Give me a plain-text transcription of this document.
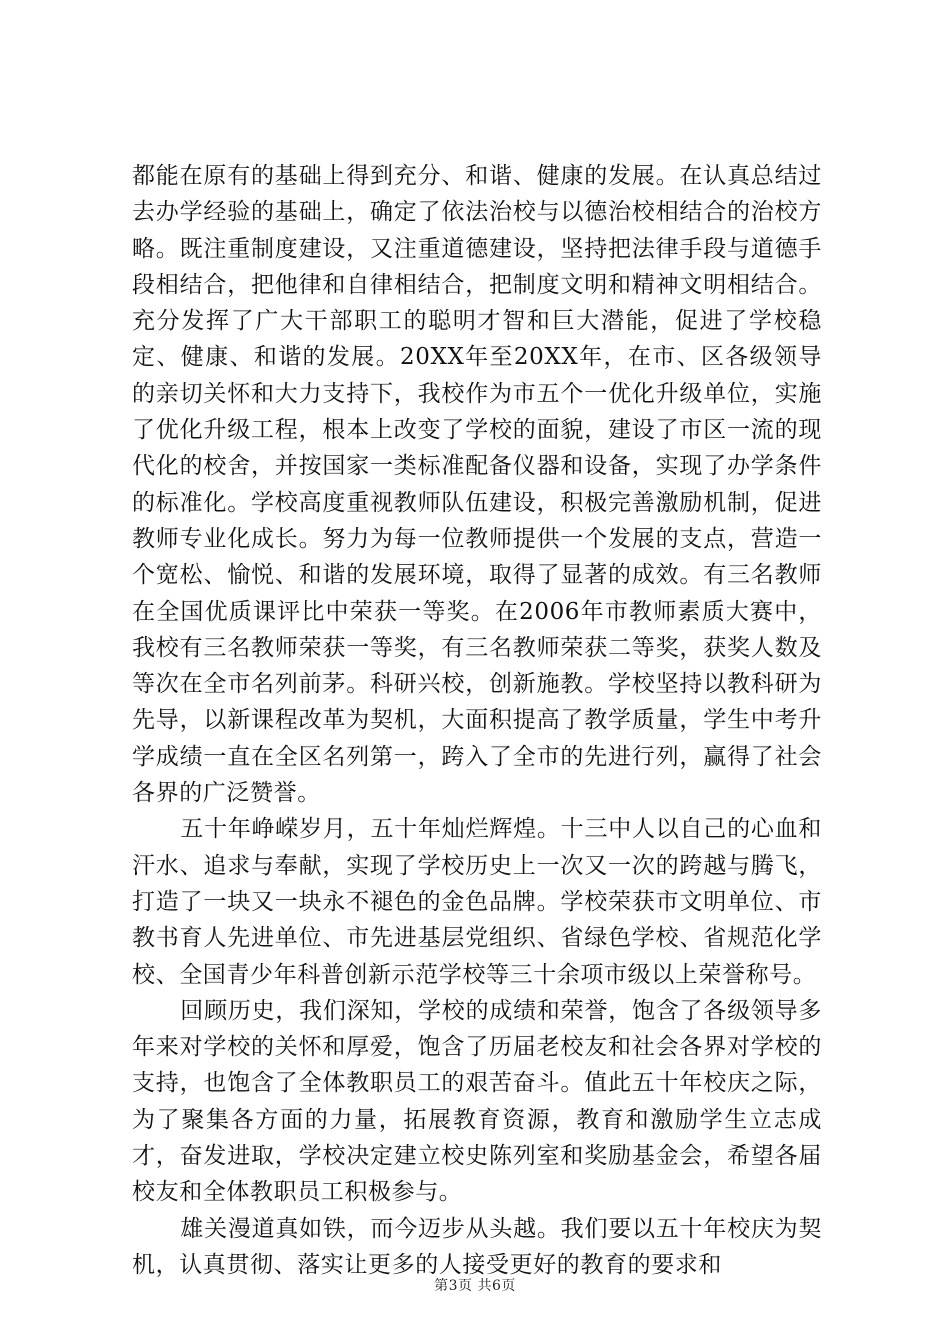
都能在原有的基础上得到充分、和谐、健康的发展。在认真总结过去办学经验的基础上，确定了依法治校与以德治校相结合的治校方略。既注重制度建设，又注重道德建设，坚持把法律手段与道德手段相结合，把他律和自律相结合，把制度文明和精神文明相结合。充分发挥了广大干部职工的聪明才智和巨大潜能，促进了学校稳定、健康、和谐的发展。20XX年至20XX年，在市、区各级领导的亲切关怀和大力支持下，我校作为市五个一优化升级单位，实施了优化升级工程，根本上改变了学校的面貌，建设了市区一流的现代化的校舍，并按国家一类标准配备仪器和设备，实现了办学条件的标准化。学校高度重视教师队伍建设，积极完善激励机制，促进教师专业化成长。努力为每一位教师提供一个发展的支点，营造一个宽松、愉悦、和谐的发展环境，取得了显著的成效。有三名教师在全国优质课评比中荣获一等奖。在2006年市教师素质大赛中，我校有三名教师荣获一等奖，有三名教师荣获二等奖，获奖人数及等次在全市名列前茅。科研兴校，创新施教。学校坚持以教科研为先导，以新课程改革为契机，大面积提高了教学质量，学生中考升学成绩一直在全区名列第一，跨入了全市的先进行列，赢得了社会各界的广泛赞誉。

五十年峥嵘岁月，五十年灿烂辉煌。十三中人以自己的心血和汗水、追求与奉献，实现了学校历史上一次又一次的跨越与腾飞，打造了一块又一块永不褪色的金色品牌。学校荣获市文明单位、市教书育人先进单位、市先进基层党组织、省绿色学校、省规范化学校、全国青少年科普创新示范学校等三十余项市级以上荣誉称号。

回顾历史，我们深知，学校的成绩和荣誉，饱含了各级领导多年来对学校的关怀和厚爱，饱含了历届老校友和社会各界对学校的支持，也饱含了全体教职员工的艰苦奋斗。值此五十年校庆之际，为了聚集各方面的力量，拓展教育资源，教育和激励学生立志成才，奋发进取，学校决定建立校史陈列室和奖励基金会，希望各届校友和全体教职员工积极参与。

雄关漫道真如铁，而今迈步从头越。我们要以五十年校庆为契机，认真贯彻、落实让更多的人接受更好的教育的要求和

第3页 共6页
